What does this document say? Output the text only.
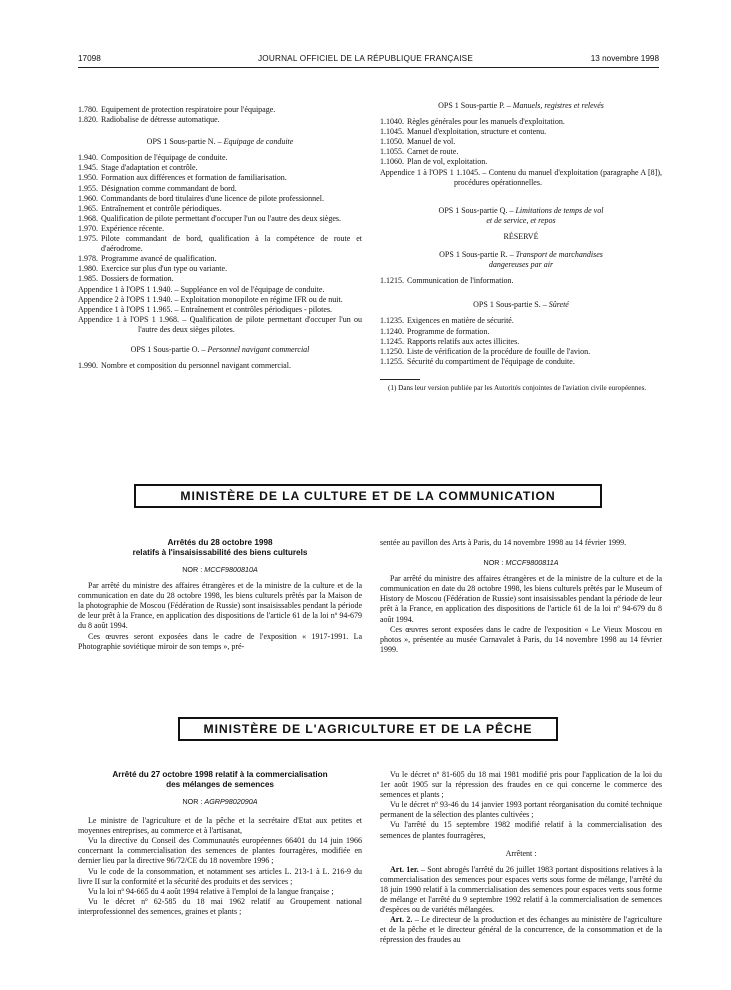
17098	JOURNAL OFFICIEL DE LA RÉPUBLIQUE FRANÇAISE	13 novembre 1998
1.780. Equipement de protection respiratoire pour l'équipage.
1.820. Radiobalise de détresse automatique.
OPS 1 Sous-partie N. – Equipage de conduite
1.940. Composition de l'équipage de conduite.
1.945. Stage d'adaptation et contrôle.
1.950. Formation aux différences et formation de familiarisation.
1.955. Désignation comme commandant de bord.
1.960. Commandants de bord titulaires d'une licence de pilote professionnel.
1.965. Entraînement et contrôle périodiques.
1.968. Qualification de pilote permettant d'occuper l'un ou l'autre des deux sièges.
1.970. Expérience récente.
1.975. Pilote commandant de bord, qualification à la compétence de route et d'aérodrome.
1.978. Programme avancé de qualification.
1.980. Exercice sur plus d'un type ou variante.
1.985. Dossiers de formation.
Appendice 1 à l'OPS 1 1.940. – Suppléance en vol de l'équipage de conduite.
Appendice 2 à l'OPS 1 1.940. – Exploitation monopilote en régime IFR ou de nuit.
Appendice 1 à l'OPS 1 1.965. – Entraînement et contrôles périodiques - pilotes.
Appendice 1 à l'OPS 1 1.968. – Qualification de pilote permettant d'occuper l'un ou l'autre des deux sièges pilotes.
OPS 1 Sous-partie O. – Personnel navigant commercial
1.990. Nombre et composition du personnel navigant commercial.
OPS 1 Sous-partie P. – Manuels, registres et relevés
1.1040. Règles générales pour les manuels d'exploitation.
1.1045. Manuel d'exploitation, structure et contenu.
1.1050. Manuel de vol.
1.1055. Carnet de route.
1.1060. Plan de vol, exploitation.
Appendice 1 à l'OPS 1 1.1045. – Contenu du manuel d'exploitation (paragraphe A [8]), procédures opérationnelles.
OPS 1 Sous-partie Q. – Limitations de temps de vol
et de service, et repos
RÉSERVÉ
OPS 1 Sous-partie R. – Transport de marchandises
dangereuses par air
1.1215. Communication de l'information.
OPS 1 Sous-partie S. – Sûreté
1.1235. Exigences en matière de sécurité.
1.1240. Programme de formation.
1.1245. Rapports relatifs aux actes illicites.
1.1250. Liste de vérification de la procédure de fouille de l'avion.
1.1255. Sécurité du compartiment de l'équipage de conduite.
(1) Dans leur version publiée par les Autorités conjointes de l'aviation civile européennes.
MINISTÈRE DE LA CULTURE ET DE LA COMMUNICATION
Arrêtés du 28 octobre 1998
relatifs à l'insaisissabilité des biens culturels
NOR : MCCF9800810A

Par arrêté du ministre des affaires étrangères et de la ministre de la culture et de la communication en date du 28 octobre 1998, les biens culturels prêtés par la Maison de la photographie de Moscou (Fédération de Russie) sont insaisissables pendant la période de leur prêt à la France, en application des dispositions de l'article 61 de la loi nº 94-679 du 8 août 1994.

Ces œuvres seront exposées dans le cadre de l'exposition « 1917-1991. La Photographie soviétique miroir de son temps », pré-

sentée au pavillon des Arts à Paris, du 14 novembre 1998 au 14 février 1999.

NOR : MCCF9800811A

Par arrêté du ministre des affaires étrangères et de la ministre de la culture et de la communication en date du 28 octobre 1998, les biens culturels prêtés par le Museum of History de Moscou (Fédération de Russie) sont insaisissables pendant la période de leur prêt à la France, en application des dispositions de l'article 61 de la loi nº 94-679 du 8 août 1994.

Ces œuvres seront exposées dans le cadre de l'exposition « Le Vieux Moscou en photos », présentée au musée Carnavalet à Paris, du 14 novembre 1998 au 14 février 1999.

MINISTÈRE DE L'AGRICULTURE ET DE LA PÊCHE
Arrêté du 27 octobre 1998 relatif à la commercialisation
des mélanges de semences
NOR : AGRP9802090A

Le ministre de l'agriculture et de la pêche et la secrétaire d'Etat aux petites et moyennes entreprises, au commerce et à l'artisanat,

Vu la directive du Conseil des Communautés européennes 66401 du 14 juin 1966 concernant la commercialisation des semences de plantes fourragères, modifiée en dernier lieu par la directive 96/72/CE du 18 novembre 1996 ;

Vu le code de la consommation, et notamment ses articles L. 213-1 à L. 216-9 du livre II sur la conformité et la sécurité des produits et des services ;

Vu la loi nº 94-665 du 4 août 1994 relative à l'emploi de la langue française ;

Vu le décret nº 62-585 du 18 mai 1962 relatif au Groupement national interprofessionnel des semences, graines et plants ;

Vu le décret nº 81-605 du 18 mai 1981 modifié pris pour l'application de la loi du 1er août 1905 sur la répression des fraudes en ce qui concerne le commerce des semences et plants ;

Vu le décret nº 93-46 du 14 janvier 1993 portant réorganisation du comité technique permanent de la sélection des plantes cultivées ;

Vu l'arrêté du 15 septembre 1982 modifié relatif à la commercialisation des semences de plantes fourragères,

Arrêtent :

Art. 1er. – Sont abrogés l'arrêté du 26 juillet 1983 portant dispositions relatives à la commercialisation des semences pour espaces verts sous forme de mélange, l'arrêté du 18 juin 1990 relatif à la commercialisation des semences pour espaces verts sous forme de mélange et l'arrêté du 9 septembre 1992 relatif à la commercialisation de semences d'espèces ou de variétés mélangées.

Art. 2. – Le directeur de la production et des échanges au ministère de l'agriculture et de la pêche et le directeur général de la concurrence, de la consommation et de la répression des fraudes au
